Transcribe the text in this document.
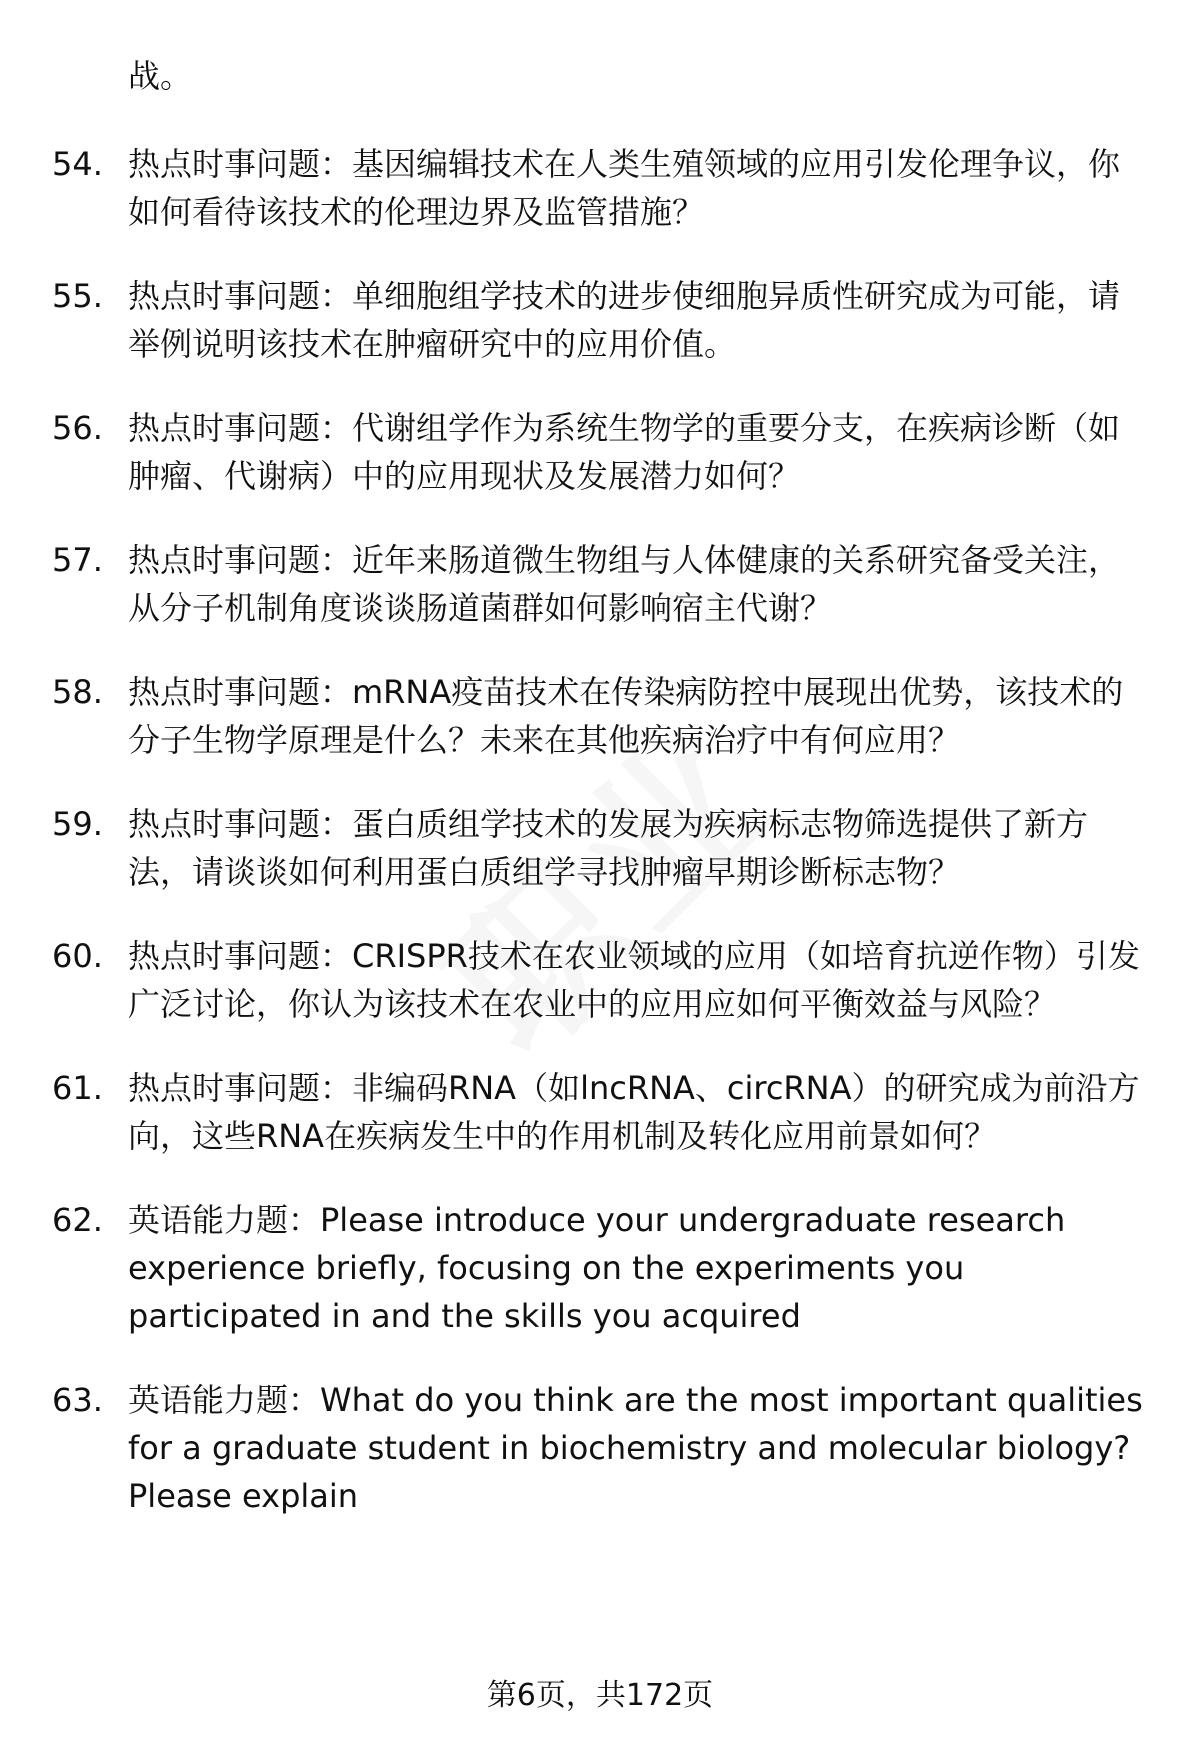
战。
54. 热点时事问题：基因编辑技术在人类生殖领域的应用引发伦理争议，你如何看待该技术的伦理边界及监管措施？
55. 热点时事问题：单细胞组学技术的进步使细胞异质性研究成为可能，请举例说明该技术在肿瘤研究中的应用价值。
56. 热点时事问题：代谢组学作为系统生物学的重要分支，在疾病诊断（如肿瘤、代谢病）中的应用现状及发展潜力如何？
57. 热点时事问题：近年来肠道微生物组与人体健康的关系研究备受关注，从分子机制角度谈谈肠道菌群如何影响宿主代谢？
58. 热点时事问题：mRNA疫苗技术在传染病防控中展现出优势，该技术的分子生物学原理是什么？未来在其他疾病治疗中有何应用？
59. 热点时事问题：蛋白质组学技术的发展为疾病标志物筛选提供了新方法，请谈谈如何利用蛋白质组学寻找肿瘤早期诊断标志物？
60. 热点时事问题：CRISPR技术在农业领域的应用（如培育抗逆作物）引发广泛讨论，你认为该技术在农业中的应用应如何平衡效益与风险？
61. 热点时事问题：非编码RNA（如lncRNA、circRNA）的研究成为前沿方向，这些RNA在疾病发生中的作用机制及转化应用前景如何？
62. 英语能力题：Please introduce your undergraduate research experience briefly, focusing on the experiments you participated in and the skills you acquired
63. 英语能力题：What do you think are the most important qualities for a graduate student in biochemistry and molecular biology? Please explain
第6页，共172页
